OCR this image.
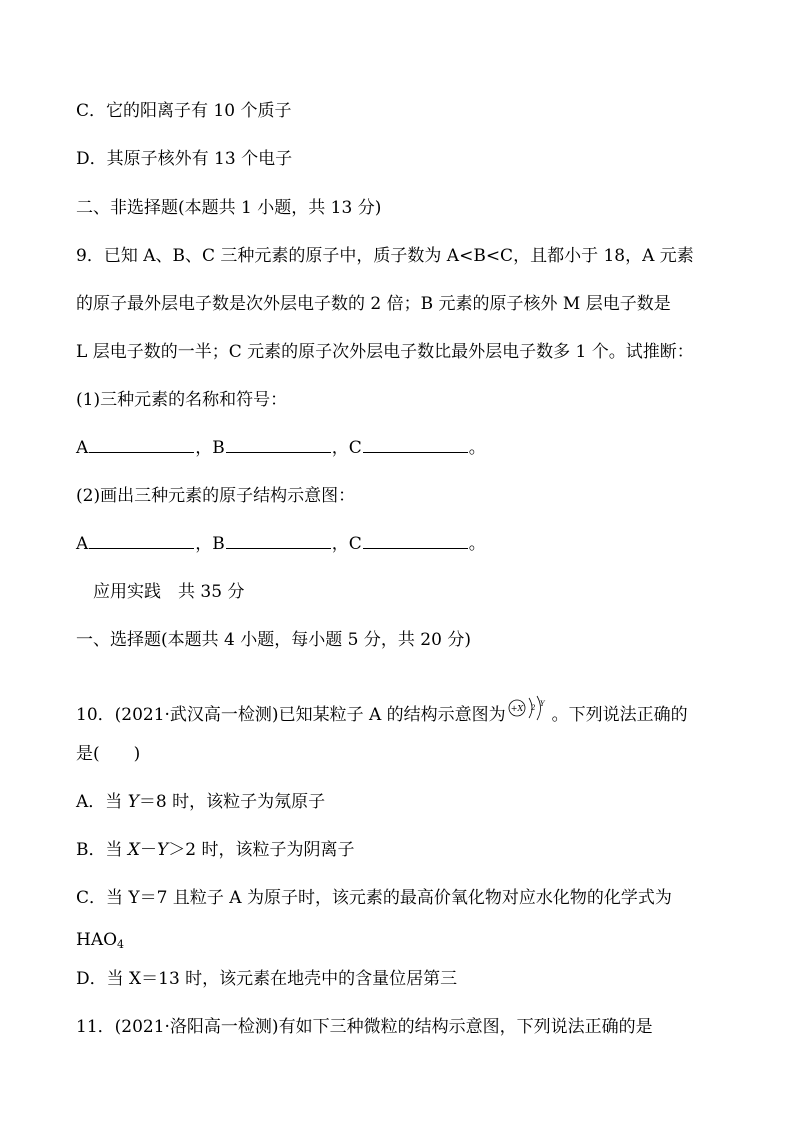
C．它的阳离子有 10 个质子
D．其原子核外有 13 个电子
二、非选择题(本题共 1 小题，共 13 分)
9．已知 A、B、C 三种元素的原子中，质子数为 A<B<C，且都小于 18，A 元素
的原子最外层电子数是次外层电子数的 2 倍；B 元素的原子核外 M 层电子数是
L 层电子数的一半；C 元素的原子次外层电子数比最外层电子数多 1 个。试推断：
(1)三种元素的名称和符号：
A	，B	，C	。
(2)画出三种元素的原子结构示意图：
A	，B	，C	。
应用实践　共 35 分
一、选择题(本题共 4 小题，每小题 5 分，共 20 分)
10．(2021·武汉高一检测)已知某粒子 A 的结构示意图为 +X 2 Y
。下列说法正确的
是(　　)
A．当 Y＝8 时，该粒子为氖原子
B．当 X－Y＞2 时，该粒子为阴离子
C．当 Y＝7 且粒子 A 为原子时，该元素的最高价氧化物对应水化物的化学式为
$HAO_4$
D．当 X＝13 时，该元素在地壳中的含量位居第三
11．(2021·洛阳高一检测)有如下三种微粒的结构示意图，下列说法正确的是
